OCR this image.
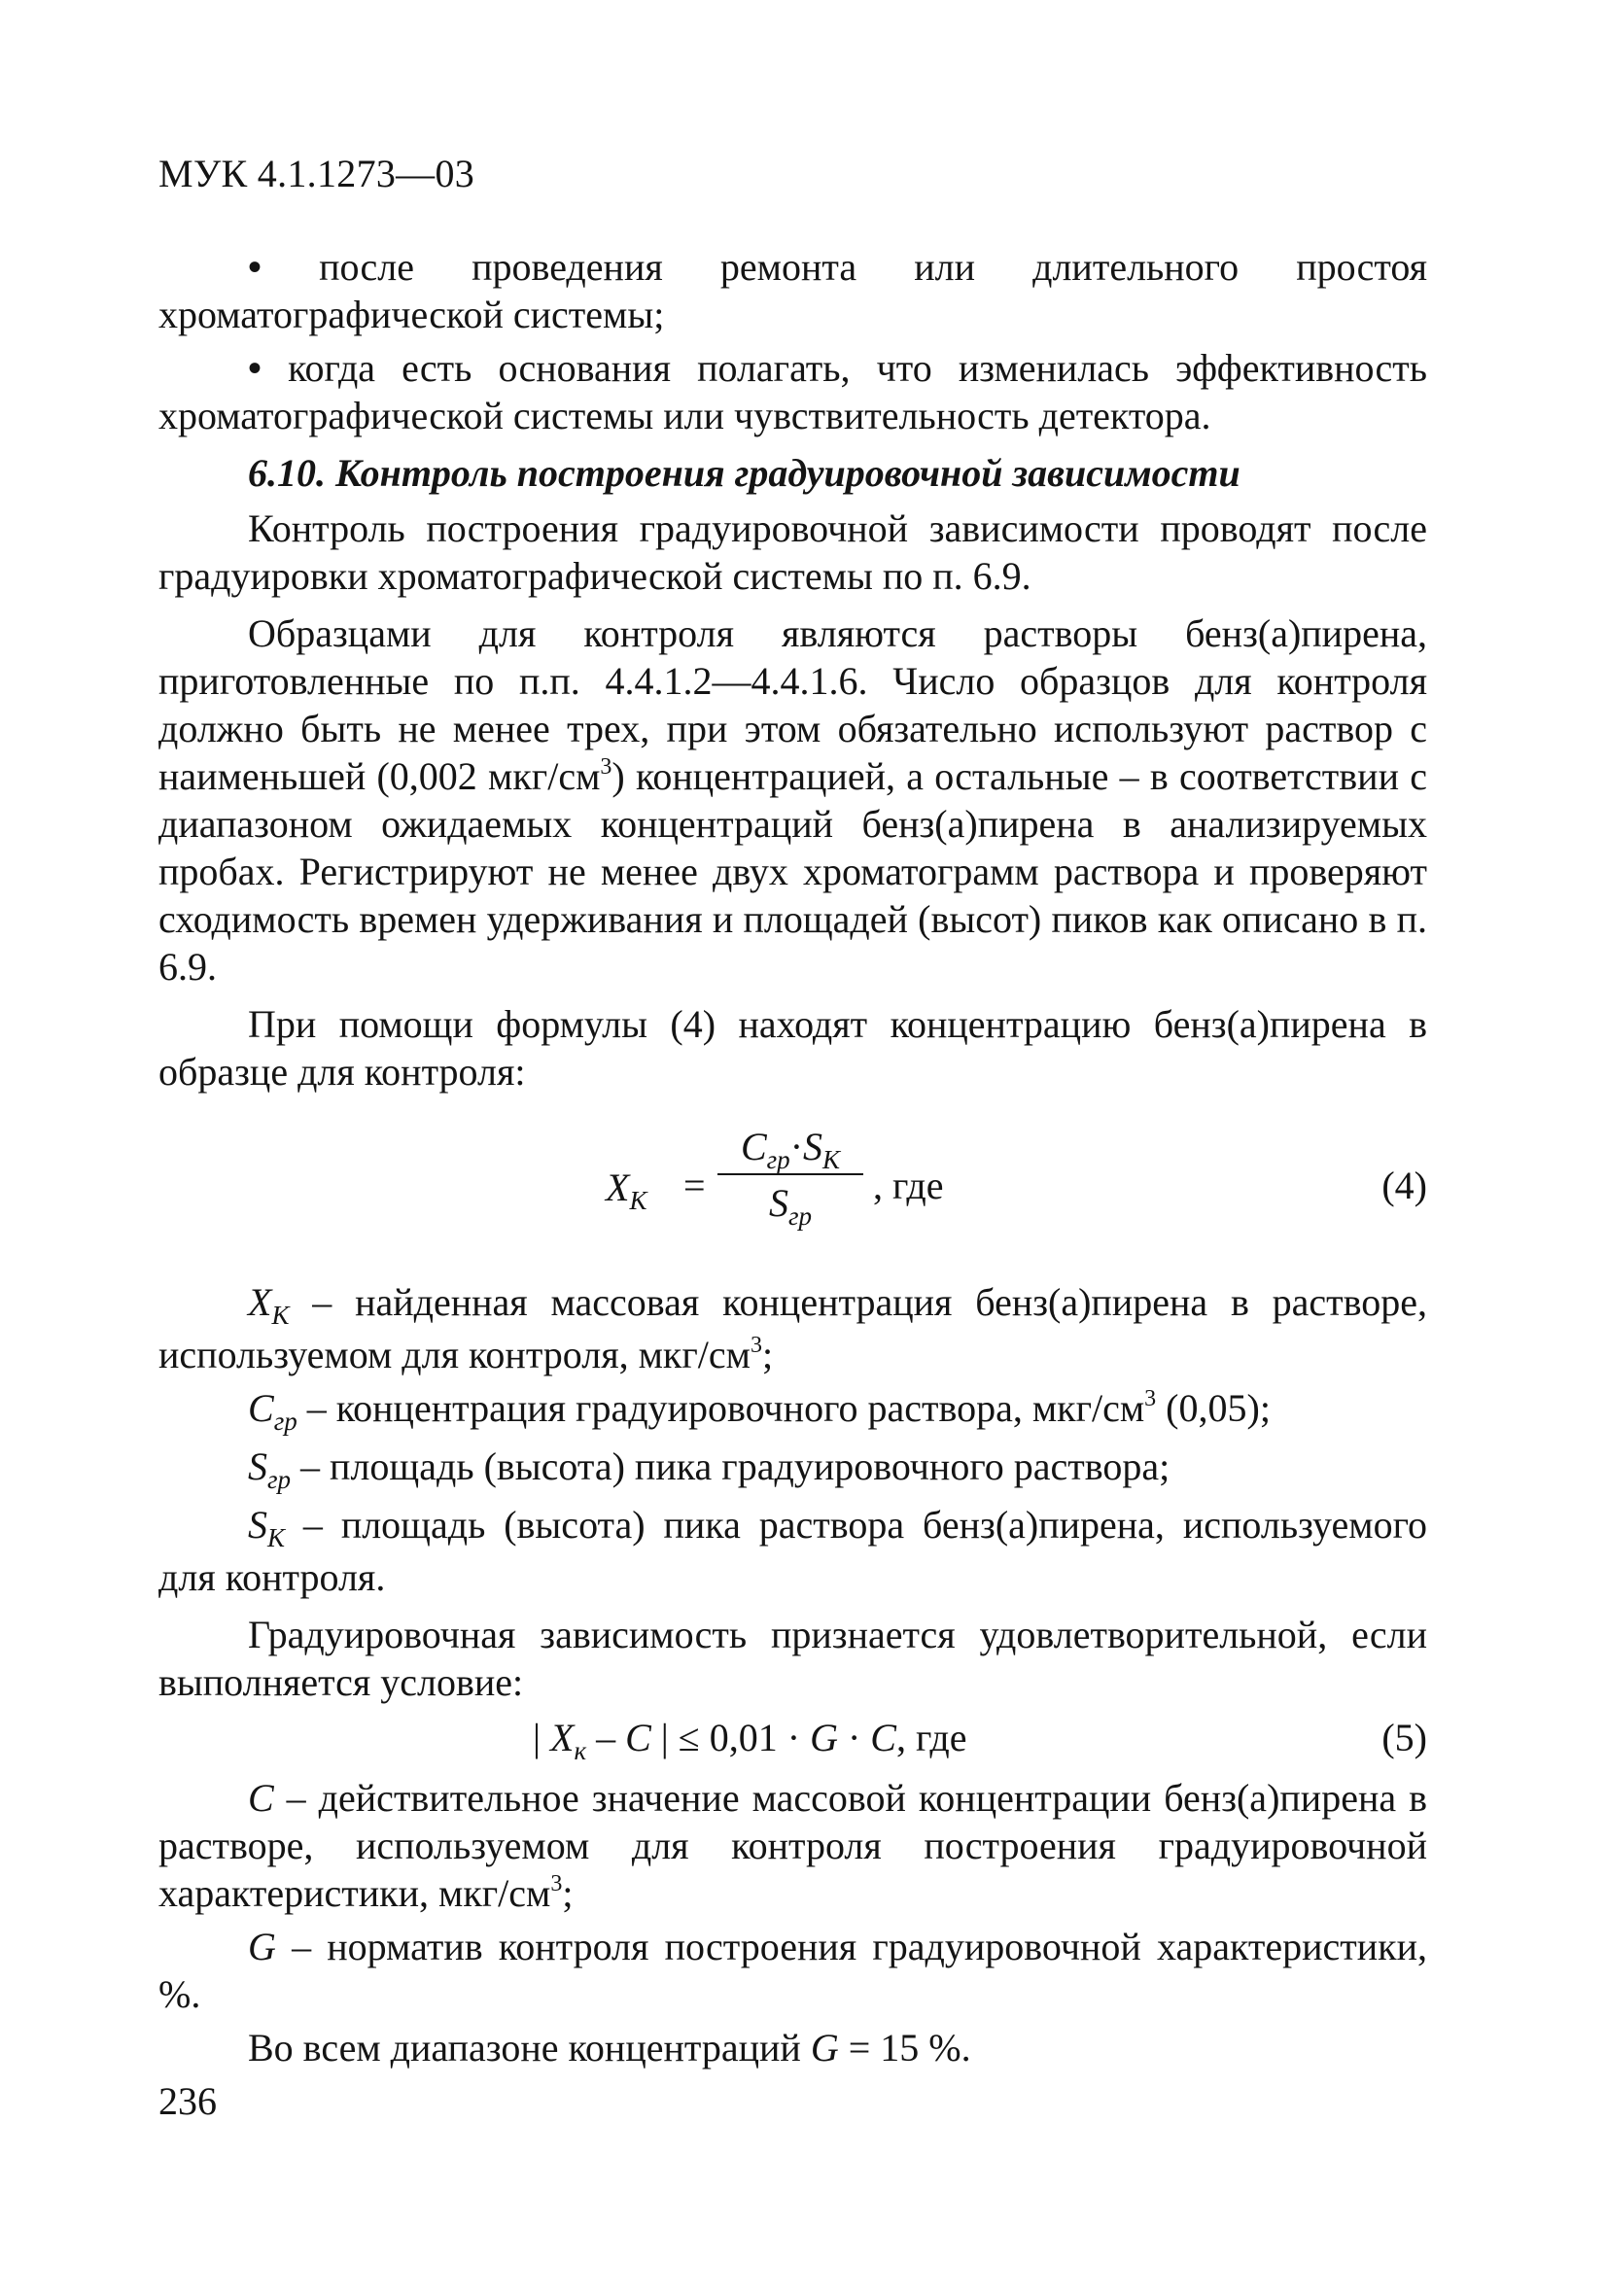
МУК 4.1.1273—03
• после проведения ремонта или длительного простоя хроматографической системы;
• когда есть основания полагать, что изменилась эффективность хроматографической системы или чувствительность детектора.
6.10. Контроль построения градуировочной зависимости
Контроль построения градуировочной зависимости проводят после градуировки хроматографической системы по п. 6.9.
Образцами для контроля являются растворы бенз(а)пирена, приготовленные по п.п. 4.4.1.2—4.4.1.6. Число образцов для контроля должно быть не менее трех, при этом обязательно используют раствор с наименьшей (0,002 мкг/$см^3$) концентрацией, а остальные – в соответствии с диапазоном ожидаемых концентраций бенз(а)пирена в анализируемых пробах. Регистрируют не менее двух хроматограмм раствора и проверяют сходимость времен удерживания и площадей (высот) пиков как описано в п. 6.9.
При помощи формулы (4) находят концентрацию бенз(а)пирена в образце для контроля:
$X_K$ =
$C_{гр}\cdot S_K$
$S_{гр}$
, где	(4)
$X_K$ – найденная массовая концентрация бенз(а)пирена в растворе, используемом для контроля, мкг/$см^3$;
$C_{гр}$ – концентрация градуировочного раствора, мкг/$см^3$ (0,05);
$S_{гр}$ – площадь (высота) пика градуировочного раствора;
$S_K$ – площадь (высота) пика раствора бенз(а)пирена, используемого для контроля.
Градуировочная зависимость признается удовлетворительной, если выполняется условие:
| $X_к$ – C | ≤ 0,01 · G · C, где	(5)
C – действительное значение массовой концентрации бенз(а)пирена в растворе, используемом для контроля построения градуировочной характеристики, мкг/$см^3$;
G – норматив контроля построения градуировочной характеристики, %.
Во всем диапазоне концентраций G = 15 %.
236
